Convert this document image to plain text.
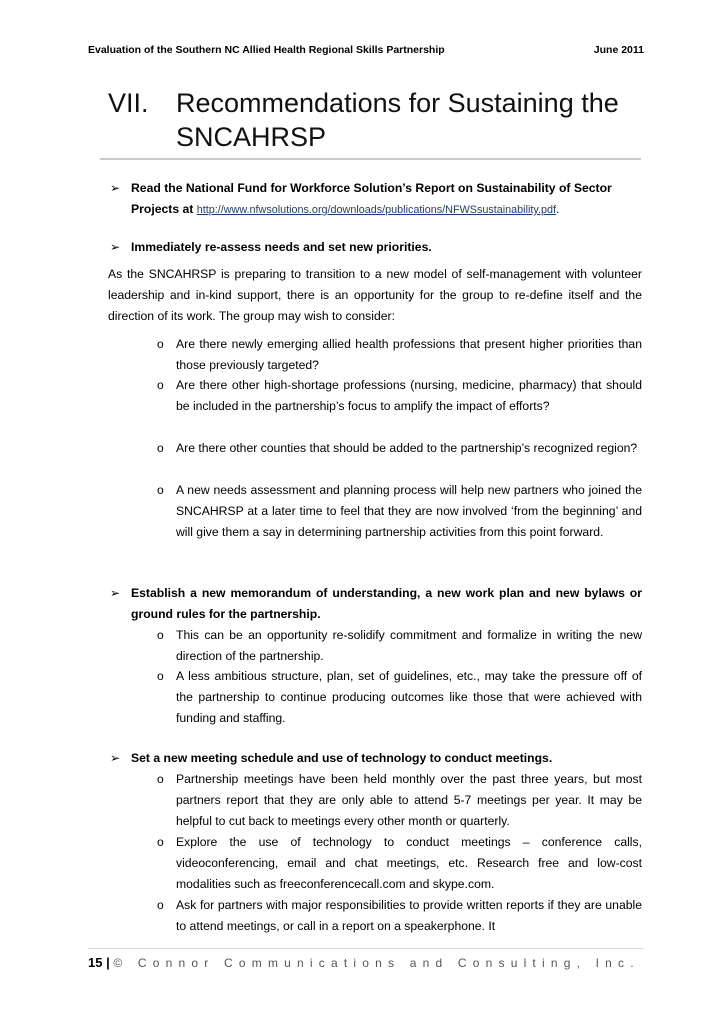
Evaluation of the Southern NC Allied Health Regional Skills Partnership	June 2011
VII. Recommendations for Sustaining the
SNCAHRSP
➢ Read the National Fund for Workforce Solution’s Report on Sustainability of Sector
Projects at http://www.nfwsolutions.org/downloads/publications/NFWSsustainability.pdf.
➢ Immediately re-assess needs and set new priorities.
As the SNCAHRSP is preparing to transition to a new model of self-management with volunteer leadership and in-kind support, there is an opportunity for the group to re-define itself and the direction of its work. The group may wish to consider:
o Are there newly emerging allied health professions that present higher priorities than those previously targeted?
o Are there other high-shortage professions (nursing, medicine, pharmacy) that should be included in the partnership’s focus to amplify the impact of efforts?
o Are there other counties that should be added to the partnership’s recognized region?
o A new needs assessment and planning process will help new partners who joined the SNCAHRSP at a later time to feel that they are now involved ‘from the beginning’ and will give them a say in determining partnership activities from this point forward.
➢ Establish a new memorandum of understanding, a new work plan and new bylaws or ground rules for the partnership.
o This can be an opportunity re-solidify commitment and formalize in writing the new direction of the partnership.
o A less ambitious structure, plan, set of guidelines, etc., may take the pressure off of the partnership to continue producing outcomes like those that were achieved with funding and staffing.
➢ Set a new meeting schedule and use of technology to conduct meetings.
o Partnership meetings have been held monthly over the past three years, but most partners report that they are only able to attend 5-7 meetings per year. It may be helpful to cut back to meetings every other month or quarterly.
o Explore the use of technology to conduct meetings – conference calls, videoconferencing, email and chat meetings, etc. Research free and low-cost modalities such as freeconferencecall.com and skype.com.
o Ask for partners with major responsibilities to provide written reports if they are unable to attend meetings, or call in a report on a speakerphone. It
15 | © Connor Communications and Consulting, Inc.
